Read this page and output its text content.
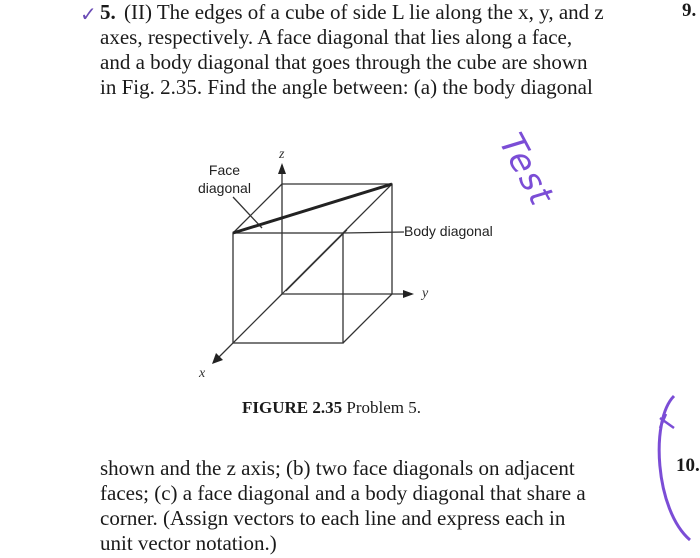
✓ 5.	9.
10.

(II) The edges of a cube of side L lie along the x, y, and z
axes, respectively. A face diagonal that lies along a face,
and a body diagonal that goes through the cube are shown
in Fig. 2.35. Find the angle between: (a) the body diagonal

Face
diagonal
Body diagonal
z
y
x
Test
FIGURE 2.35 Problem 5.

shown and the z axis; (b) two face diagonals on adjacent
faces; (c) a face diagonal and a body diagonal that share a
corner. (Assign vectors to each line and express each in
unit vector notation.)
